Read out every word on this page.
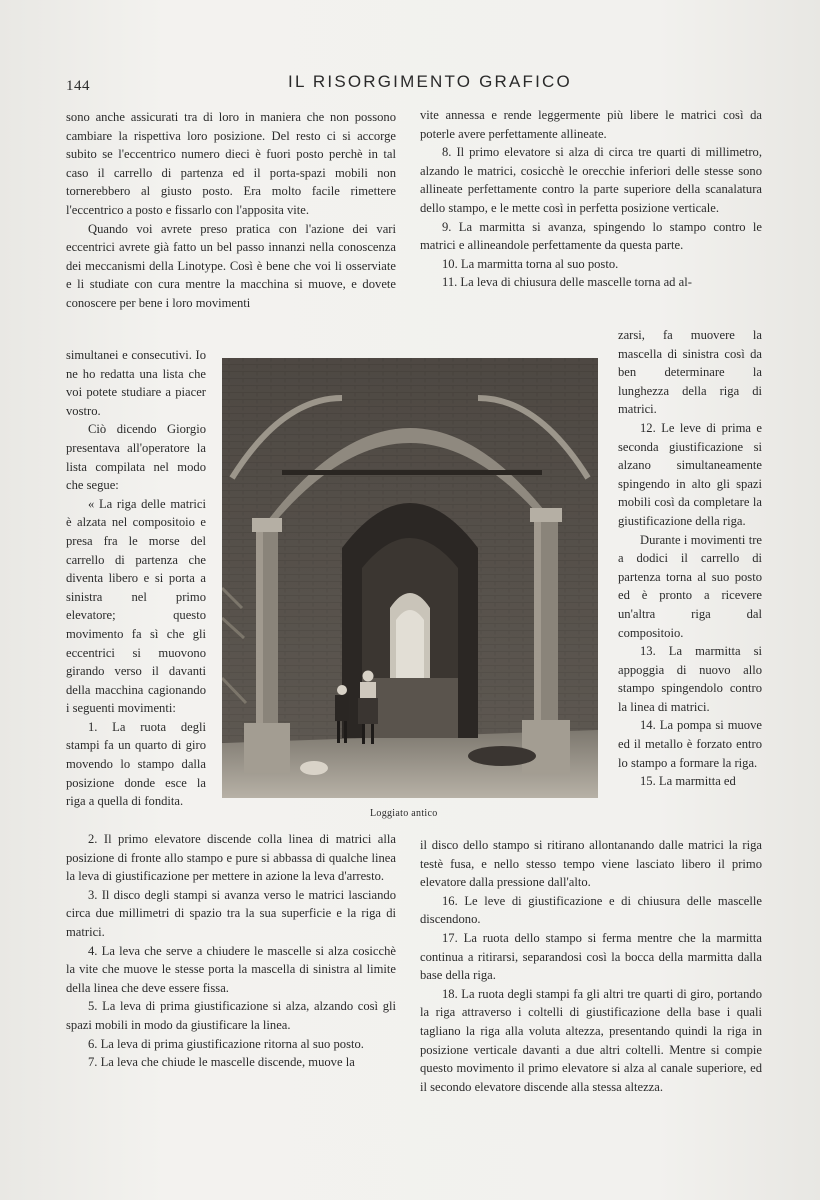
144	IL RISORGIMENTO GRAFICO

sono anche assicurati tra di loro in maniera che non possono cambiare la rispettiva loro posizione. Del resto ci si accorge subito se l'eccentrico numero dieci è fuori posto perchè in tal caso il carrello di partenza ed il porta-spazi mobili non tornerebbero al giusto posto. Era molto facile rimettere l'eccentrico a posto e fissarlo con l'apposita vite.

Quando voi avrete preso pratica con l'azione dei vari eccentrici avrete già fatto un bel passo innanzi nella conoscenza dei meccanismi della Linotype. Così è bene che voi li osserviate e li studiate con cura mentre la macchina si muove, e dovete conoscere per bene i loro movimenti

simultanei e consecutivi. Io ne ho redatta una lista che voi potete studiare a piacer vostro.

Ciò dicendo Giorgio presentava all'operatore la lista compilata nel modo che segue:

« La riga delle matrici è alzata nel compositoio e presa fra le morse del carrello di partenza che diventa libero e si porta a sinistra nel primo elevatore; questo movimento fa sì che gli eccentrici si muovono girando verso il davanti della macchina cagionando i seguenti movimenti:

1. La ruota degli stampi fa un quarto di giro movendo lo stampo dalla posizione donde esce la riga a quella di fondita.

Loggiato antico

2. Il primo elevatore discende colla linea di matrici alla posizione di fronte allo stampo e pure si abbassa di qualche linea la leva di giustificazione per mettere in azione la leva d'arresto.

3. Il disco degli stampi si avanza verso le matrici lasciando circa due millimetri di spazio tra la sua superficie e la riga di matrici.

4. La leva che serve a chiudere le mascelle si alza cosicchè la vite che muove le stesse porta la mascella di sinistra al limite della linea che deve essere fissa.

5. La leva di prima giustificazione si alza, alzando così gli spazi mobili in modo da giustificare la linea.

6. La leva di prima giustificazione ritorna al suo posto.

7. La leva che chiude le mascelle discende, muove la

vite annessa e rende leggermente più libere le matrici così da poterle avere perfettamente allineate.

8. Il primo elevatore si alza di circa tre quarti di millimetro, alzando le matrici, cosicchè le orecchie inferiori delle stesse sono allineate perfettamente contro la parte superiore della scanalatura dello stampo, e le mette così in perfetta posizione verticale.

9. La marmitta si avanza, spingendo lo stampo contro le matrici e allineandole perfettamente da questa parte.

10. La marmitta torna al suo posto.

11. La leva di chiusura delle mascelle torna ad al-

zarsi, fa muovere la mascella di sinistra così da ben determinare la lunghezza della riga di matrici.

12. Le leve di prima e seconda giustificazione si alzano simultaneamente spingendo in alto gli spazi mobili così da completare la giustificazione della riga.

Durante i movimenti tre a dodici il carrello di partenza torna al suo posto ed è pronto a ricevere un'altra riga dal compositoio.

13. La marmitta si appoggia di nuovo allo stampo spingendolo contro la linea di matrici.

14. La pompa si muove ed il metallo è forzato entro lo stampo a formare la riga.

15. La marmitta ed

il disco dello stampo si ritirano allontanando dalle matrici la riga testè fusa, e nello stesso tempo viene lasciato libero il primo elevatore dalla pressione dall'alto.

16. Le leve di giustificazione e di chiusura delle mascelle discendono.

17. La ruota dello stampo si ferma mentre che la marmitta continua a ritirarsi, separandosi così la bocca della marmitta dalla base della riga.

18. La ruota degli stampi fa gli altri tre quarti di giro, portando la riga attraverso i coltelli di giustificazione della base i quali tagliano la riga alla voluta altezza, presentando quindi la riga in posizione verticale davanti a due altri coltelli. Mentre si compie questo movimento il primo elevatore si alza al canale superiore, ed il secondo elevatore discende alla stessa altezza.
